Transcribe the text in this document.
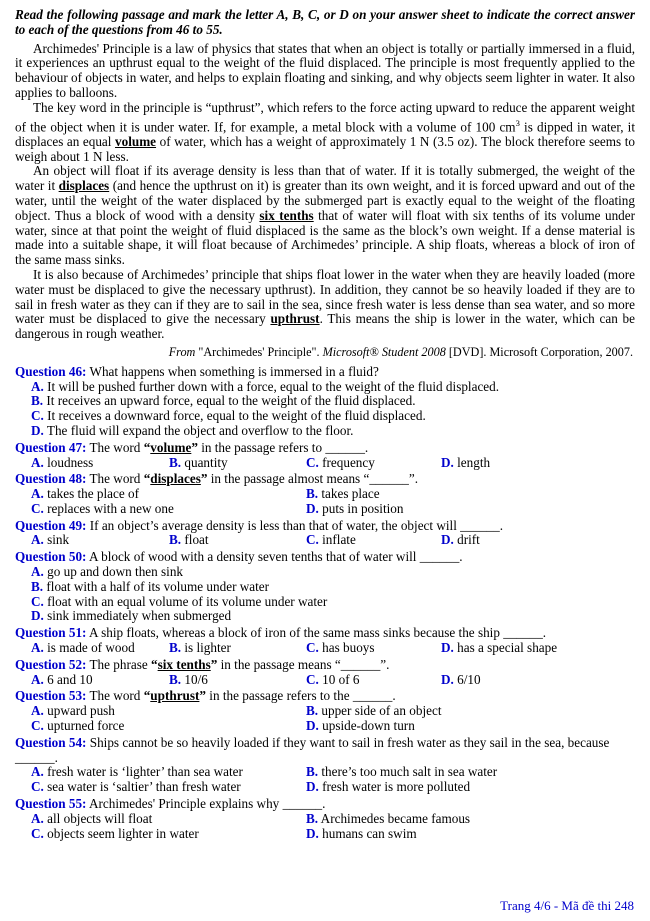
Read the following passage and mark the letter A, B, C, or D on your answer sheet to indicate the correct answer to each of the questions from 46 to 55.

Archimedes' Principle is a law of physics that states that when an object is totally or partially immersed in a fluid, it experiences an upthrust equal to the weight of the fluid displaced. The principle is most frequently applied to the behaviour of objects in water, and helps to explain floating and sinking, and why objects seem lighter in water. It also applies to balloons.

The key word in the principle is “upthrust”, which refers to the force acting upward to reduce the apparent weight of the object when it is under water. If, for example, a metal block with a volume of 100 $cm^3$ is dipped in water, it displaces an equal volume of water, which has a weight of approximately 1 N (3.5 oz). The block therefore seems to weigh about 1 N less.

An object will float if its average density is less than that of water. If it is totally submerged, the weight of the water it displaces (and hence the upthrust on it) is greater than its own weight, and it is forced upward and out of the water, until the weight of the water displaced by the submerged part is exactly equal to the weight of the floating object. Thus a block of wood with a density six tenths that of water will float with six tenths of its volume under water, since at that point the weight of fluid displaced is the same as the block’s own weight. If a dense material is made into a suitable shape, it will float because of Archimedes’ principle. A ship floats, whereas a block of iron of the same mass sinks.

It is also because of Archimedes’ principle that ships float lower in the water when they are heavily loaded (more water must be displaced to give the necessary upthrust). In addition, they cannot be so heavily loaded if they are to sail in fresh water as they can if they are to sail in the sea, since fresh water is less dense than sea water, and so more water must be displaced to give the necessary upthrust. This means the ship is lower in the water, which can be dangerous in rough weather.

From "Archimedes' Principle". Microsoft® Student 2008 [DVD]. Microsoft Corporation, 2007.
Question 46: What happens when something is immersed in a fluid?
A. It will be pushed further down with a force, equal to the weight of the fluid displaced.
B. It receives an upward force, equal to the weight of the fluid displaced.
C. It receives a downward force, equal to the weight of the fluid displaced.
D. The fluid will expand the object and overflow to the floor.
Question 47: The word “volume” in the passage refers to ______.
A. loudness	B. quantity	C. frequency	D. length
Question 48: The word “displaces” in the passage almost means “______”.
A. takes the place of	B. takes place
C. replaces with a new one	D. puts in position
Question 49: If an object’s average density is less than that of water, the object will ______.
A. sink	B. float	C. inflate	D. drift
Question 50: A block of wood with a density seven tenths that of water will ______.
A. go up and down then sink
B. float with a half of its volume under water
C. float with an equal volume of its volume under water
D. sink immediately when submerged
Question 51: A ship floats, whereas a block of iron of the same mass sinks because the ship ______.
A. is made of wood	B. is lighter	C. has buoys	D. has a special shape
Question 52: The phrase “six tenths” in the passage means “______”.
A. 6 and 10	B. 10/6	C. 10 of 6	D. 6/10
Question 53: The word “upthrust” in the passage refers to the ______.
A. upward push	B. upper side of an object
C. upturned force	D. upside-down turn
Question 54: Ships cannot be so heavily loaded if they want to sail in fresh water as they sail in the sea, because ______.
A. fresh water is ‘lighter’ than sea water	B. there’s too much salt in sea water
C. sea water is ‘saltier’ than fresh water	D. fresh water is more polluted
Question 55: Archimedes' Principle explains why ______.
A. all objects will float	B. Archimedes became famous
C. objects seem lighter in water	D. humans can swim
Trang 4/6 - Mã đề thi 248
